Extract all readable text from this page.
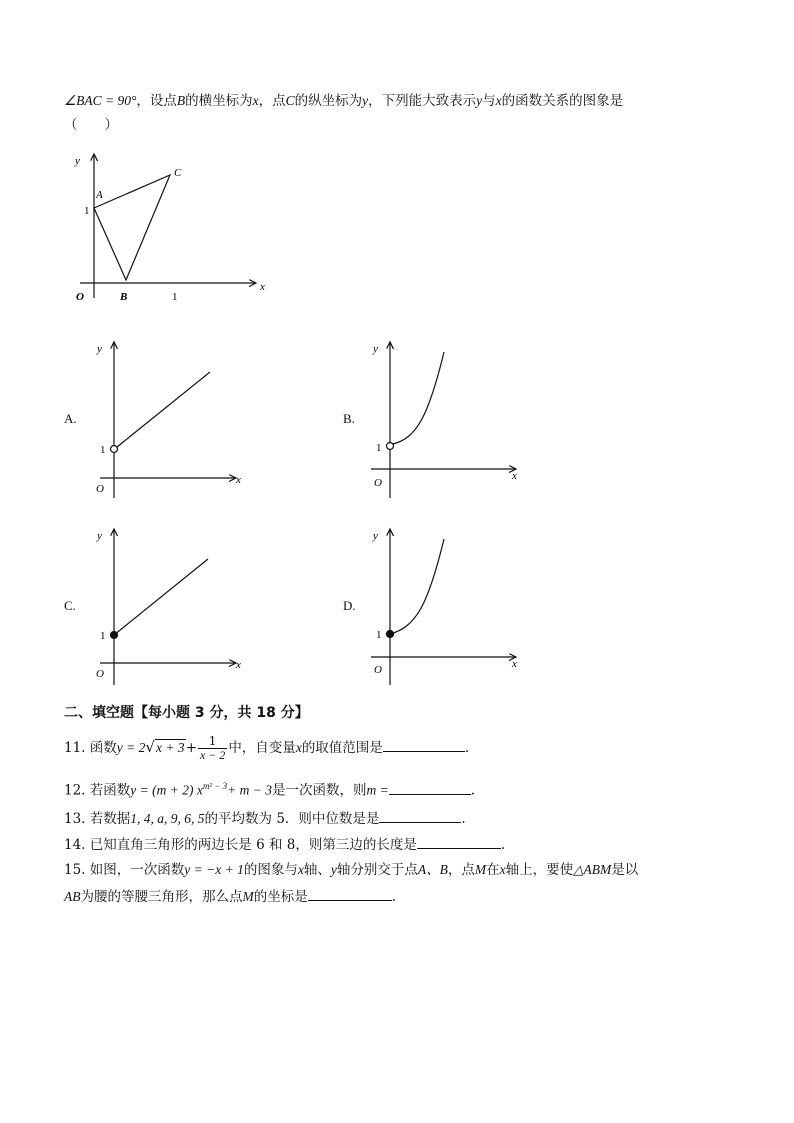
∠BAC = 90°，设点B的横坐标为x，点C的纵坐标为y，下列能大致表示y与x的函数关系的图象是
（　　）
y
x
O
A
B
C
1
1
A.
y
x
O
1
B.
y
x
O
1
C.
y
x
O
1
D.
y
x
O
1
二、填空题【每小题 3 分，共 18 分】
11. 函数$y = 2√x + 3+ \frac{1}{x - 2}$ 中，自变量x的取值范围是	.
12. 若函数y = (m + 2) $x^{m^2 - 3}+ m - 3$是一次函数，则m =	.
13. 若数据1, 4, a, 9, 6, 5的平均数为 5．则中位数是是	.
14. 已知直角三角形的两边长是 6 和 8，则第三边的长度是	.
15. 如图，一次函数y = −x + 1的图象与x轴、y轴分别交于点A、B，点M在x轴上，要使△ABM是以
AB为腰的等腰三角形，那么点M的坐标是	.
